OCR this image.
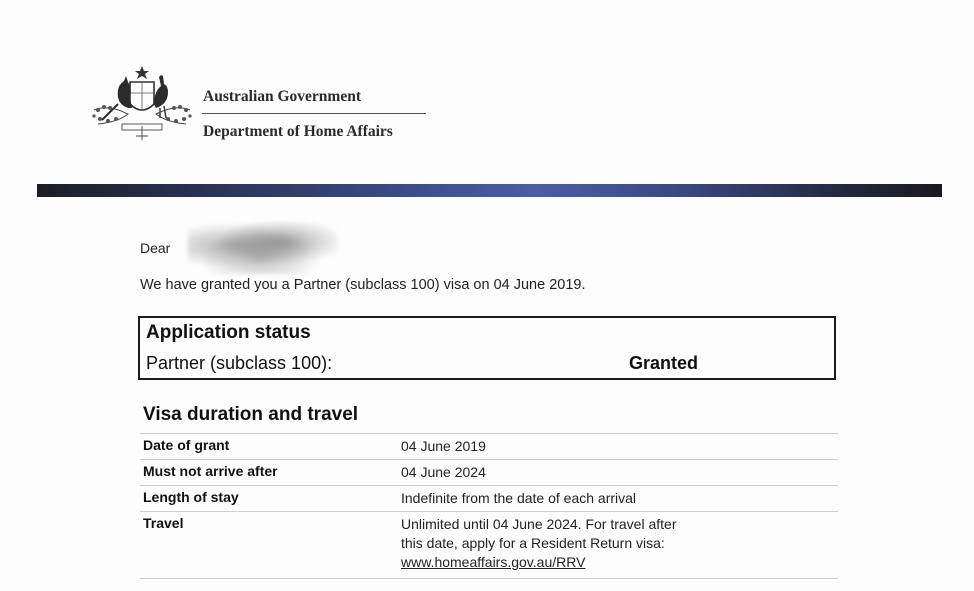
Australian Government
Department of Home Affairs
Dear
We have granted you a Partner (subclass 100) visa on 04 June 2019.
Application status
Partner (subclass 100):	Granted
Visa duration and travel
Date of grant	04 June 2019
Must not arrive after	04 June 2024
Length of stay	Indefinite from the date of each arrival
Travel	Unlimited until 04 June 2024. For travel after
this date, apply for a Resident Return visa:
www.homeaffairs.gov.au/RRV
